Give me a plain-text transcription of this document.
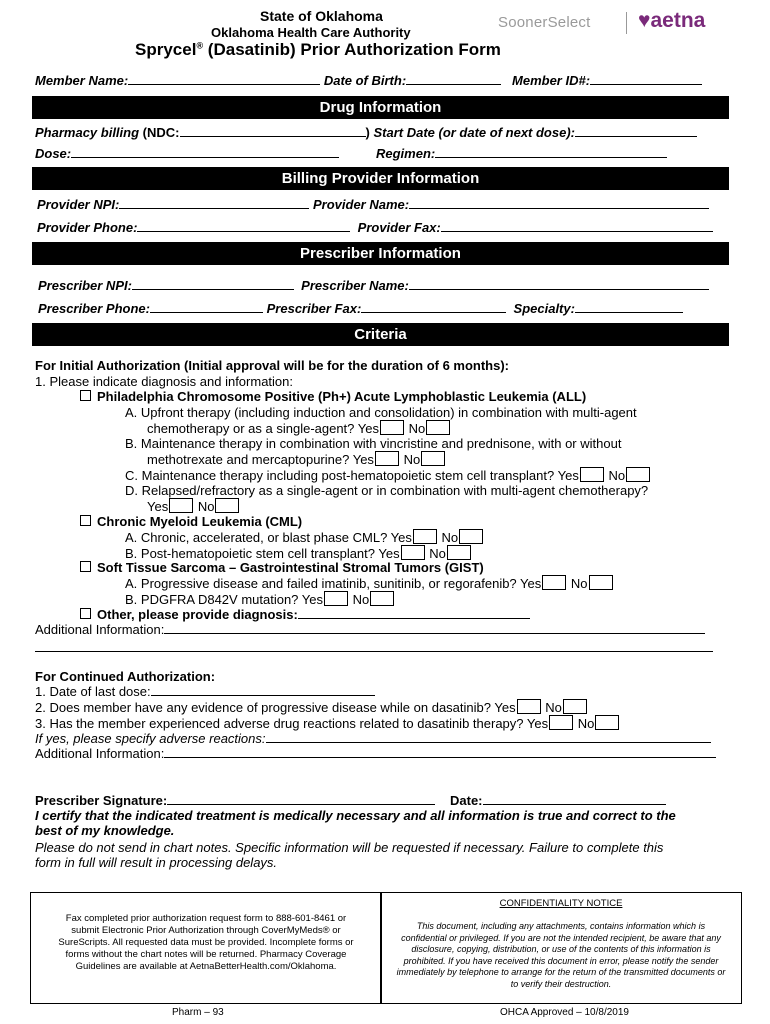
State of Oklahoma
Oklahoma Health Care Authority
Sprycel® (Dasatinib) Prior Authorization Form
SoonerSelect ♥aetna
Member Name:	Date of Birth:	Member ID#:
Drug Information
Pharmacy billing (NDC:	) Start Date (or date of next dose):
Dose:	Regimen:
Billing Provider Information
Provider NPI:	Provider Name:
Provider Phone:	Provider Fax:
Prescriber Information
Prescriber NPI:	Prescriber Name:
Prescriber Phone:	Prescriber Fax:	Specialty:
Criteria
For Initial Authorization (Initial approval will be for the duration of 6 months):
1. Please indicate diagnosis and information:
Philadelphia Chromosome Positive (Ph+) Acute Lymphoblastic Leukemia (ALL)
A. Upfront therapy (including induction and consolidation) in combination with multi-agent
chemotherapy or as a single-agent? Yes No
B. Maintenance therapy in combination with vincristine and prednisone, with or without
methotrexate and mercaptopurine? Yes No
C. Maintenance therapy including post-hematopoietic stem cell transplant? Yes No
D. Relapsed/refractory as a single-agent or in combination with multi-agent chemotherapy?
Yes No
Chronic Myeloid Leukemia (CML)
A. Chronic, accelerated, or blast phase CML? Yes No
B. Post-hematopoietic stem cell transplant? Yes No
Soft Tissue Sarcoma – Gastrointestinal Stromal Tumors (GIST)
A. Progressive disease and failed imatinib, sunitinib, or regorafenib? Yes No
B. PDGFRA D842V mutation? Yes No
Other, please provide diagnosis:
Additional Information:
For Continued Authorization:
1. Date of last dose:
2. Does member have any evidence of progressive disease while on dasatinib? Yes No
3. Has the member experienced adverse drug reactions related to dasatinib therapy? Yes No
If yes, please specify adverse reactions:
Additional Information:
Prescriber Signature:	Date:
I certify that the indicated treatment is medically necessary and all information is true and correct to the
best of my knowledge.
Please do not send in chart notes. Specific information will be requested if necessary. Failure to complete this
form in full will result in processing delays.
Fax completed prior authorization request form to 888-601-8461 or submit Electronic Prior Authorization through CoverMyMeds® or SureScripts. All requested data must be provided. Incomplete forms or forms without the chart notes will be returned. Pharmacy Coverage Guidelines are available at AetnaBetterHealth.com/Oklahoma.
CONFIDENTIALITY NOTICE
This document, including any attachments, contains information which is confidential or privileged. If you are not the intended recipient, be aware that any disclosure, copying, distribution, or use of the contents of this information is prohibited. If you have received this document in error, please notify the sender immediately by telephone to arrange for the return of the transmitted documents or to verify their destruction.
Pharm – 93	OHCA Approved – 10/8/2019
